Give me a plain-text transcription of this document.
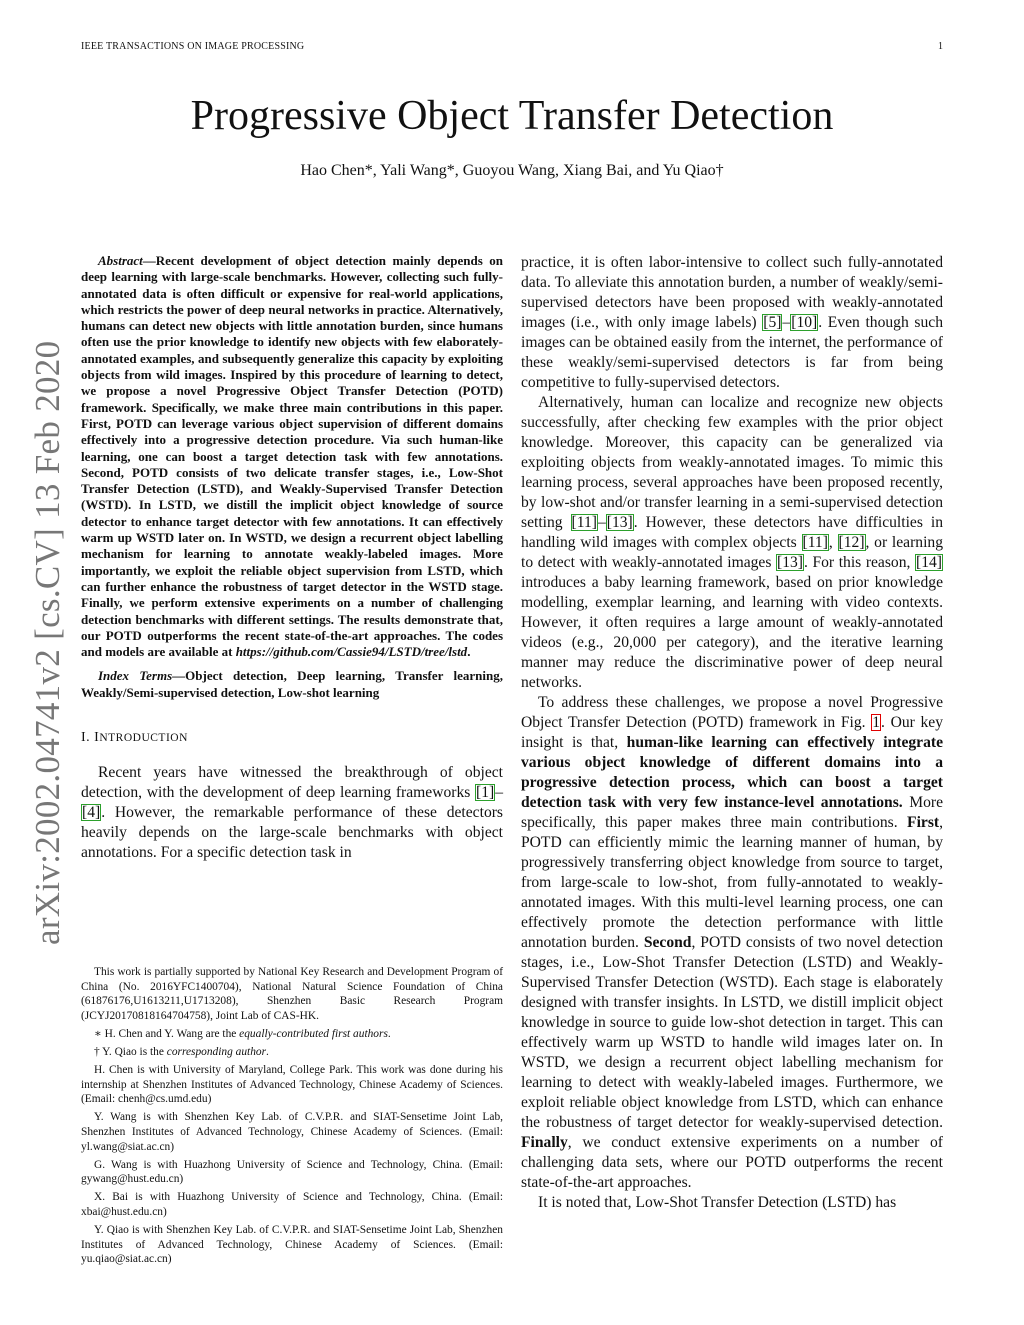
IEEE TRANSACTIONS ON IMAGE PROCESSING	1
arXiv:2002.04741v2 [cs.CV] 13 Feb 2020
Progressive Object Transfer Detection
Hao Chen*, Yali Wang*, Guoyou Wang, Xiang Bai, and Yu Qiao†

Abstract—Recent development of object detection mainly depends on deep learning with large-scale benchmarks. However, collecting such fully-annotated data is often difficult or expensive for real-world applications, which restricts the power of deep neural networks in practice. Alternatively, humans can detect new objects with little annotation burden, since humans often use the prior knowledge to identify new objects with few elaborately-annotated examples, and subsequently generalize this capacity by exploiting objects from wild images. Inspired by this procedure of learning to detect, we propose a novel Progressive Object Transfer Detection (POTD) framework. Specifically, we make three main contributions in this paper. First, POTD can leverage various object supervision of different domains effectively into a progressive detection procedure. Via such human-like learning, one can boost a target detection task with few annotations. Second, POTD consists of two delicate transfer stages, i.e., Low-Shot Transfer Detection (LSTD), and Weakly-Supervised Transfer Detection (WSTD). In LSTD, we distill the implicit object knowledge of source detector to enhance target detector with few annotations. It can effectively warm up WSTD later on. In WSTD, we design a recurrent object labelling mechanism for learning to annotate weakly-labeled images. More importantly, we exploit the reliable object supervision from LSTD, which can further enhance the robustness of target detector in the WSTD stage. Finally, we perform extensive experiments on a number of challenging detection benchmarks with different settings. The results demonstrate that, our POTD outperforms the recent state-of-the-art approaches. The codes and models are available at https://github.com/Cassie94/LSTD/tree/lstd.

Index Terms—Object detection, Deep learning, Transfer learning, Weakly/Semi-supervised detection, Low-shot learning

I. INTRODUCTION

Recent years have witnessed the breakthrough of object detection, with the development of deep learning frameworks [1]–[4]. However, the remarkable performance of these detectors heavily depends on the large-scale benchmarks with object annotations. For a specific detection task in

This work is partially supported by National Key Research and Development Program of China (No. 2016YFC1400704), National Natural Science Foundation of China (61876176,U1613211,U1713208), Shenzhen Basic Research Program (JCYJ20170818164704758), Joint Lab of CAS-HK.

∗ H. Chen and Y. Wang are the equally-contributed first authors.

† Y. Qiao is the corresponding author.

H. Chen is with University of Maryland, College Park. This work was done during his internship at Shenzhen Institutes of Advanced Technology, Chinese Academy of Sciences. (Email: chenh@cs.umd.edu)

Y. Wang is with Shenzhen Key Lab. of C.V.P.R. and SIAT-Sensetime Joint Lab, Shenzhen Institutes of Advanced Technology, Chinese Academy of Sciences. (Email: yl.wang@siat.ac.cn)

G. Wang is with Huazhong University of Science and Technology, China. (Email: gywang@hust.edu.cn)

X. Bai is with Huazhong University of Science and Technology, China. (Email: xbai@hust.edu.cn)

Y. Qiao is with Shenzhen Key Lab. of C.V.P.R. and SIAT-Sensetime Joint Lab, Shenzhen Institutes of Advanced Technology, Chinese Academy of Sciences. (Email: yu.qiao@siat.ac.cn)

practice, it is often labor-intensive to collect such fully-annotated data. To alleviate this annotation burden, a number of weakly/semi-supervised detectors have been proposed with weakly-annotated images (i.e., with only image labels) [5]–[10]. Even though such images can be obtained easily from the internet, the performance of these weakly/semi-supervised detectors is far from being competitive to fully-supervised detectors.

Alternatively, human can localize and recognize new objects successfully, after checking few examples with the prior object knowledge. Moreover, this capacity can be generalized via exploiting objects from weakly-annotated images. To mimic this learning process, several approaches have been proposed recently, by low-shot and/or transfer learning in a semi-supervised detection setting [11]–[13]. However, these detectors have difficulties in handling wild images with complex objects [11], [12], or learning to detect with weakly-annotated images [13]. For this reason, [14] introduces a baby learning framework, based on prior knowledge modelling, exemplar learning, and learning with video contexts. However, it often requires a large amount of weakly-annotated videos (e.g., 20,000 per category), and the iterative learning manner may reduce the discriminative power of deep neural networks.

To address these challenges, we propose a novel Progressive Object Transfer Detection (POTD) framework in Fig. 1. Our key insight is that, human-like learning can effectively integrate various object knowledge of different domains into a progressive detection process, which can boost a target detection task with very few instance-level annotations. More specifically, this paper makes three main contributions. First, POTD can efficiently mimic the learning manner of human, by progressively transferring object knowledge from source to target, from large-scale to low-shot, from fully-annotated to weakly-annotated images. With this multi-level learning process, one can effectively promote the detection performance with little annotation burden. Second, POTD consists of two novel detection stages, i.e., Low-Shot Transfer Detection (LSTD) and Weakly-Supervised Transfer Detection (WSTD). Each stage is elaborately designed with transfer insights. In LSTD, we distill implicit object knowledge in source to guide low-shot detection in target. This can effectively warm up WSTD to handle wild images later on. In WSTD, we design a recurrent object labelling mechanism for learning to detect with weakly-labeled images. Furthermore, we exploit reliable object knowledge from LSTD, which can enhance the robustness of target detector for weakly-supervised detection. Finally, we conduct extensive experiments on a number of challenging data sets, where our POTD outperforms the recent state-of-the-art approaches.

It is noted that, Low-Shot Transfer Detection (LSTD) has
